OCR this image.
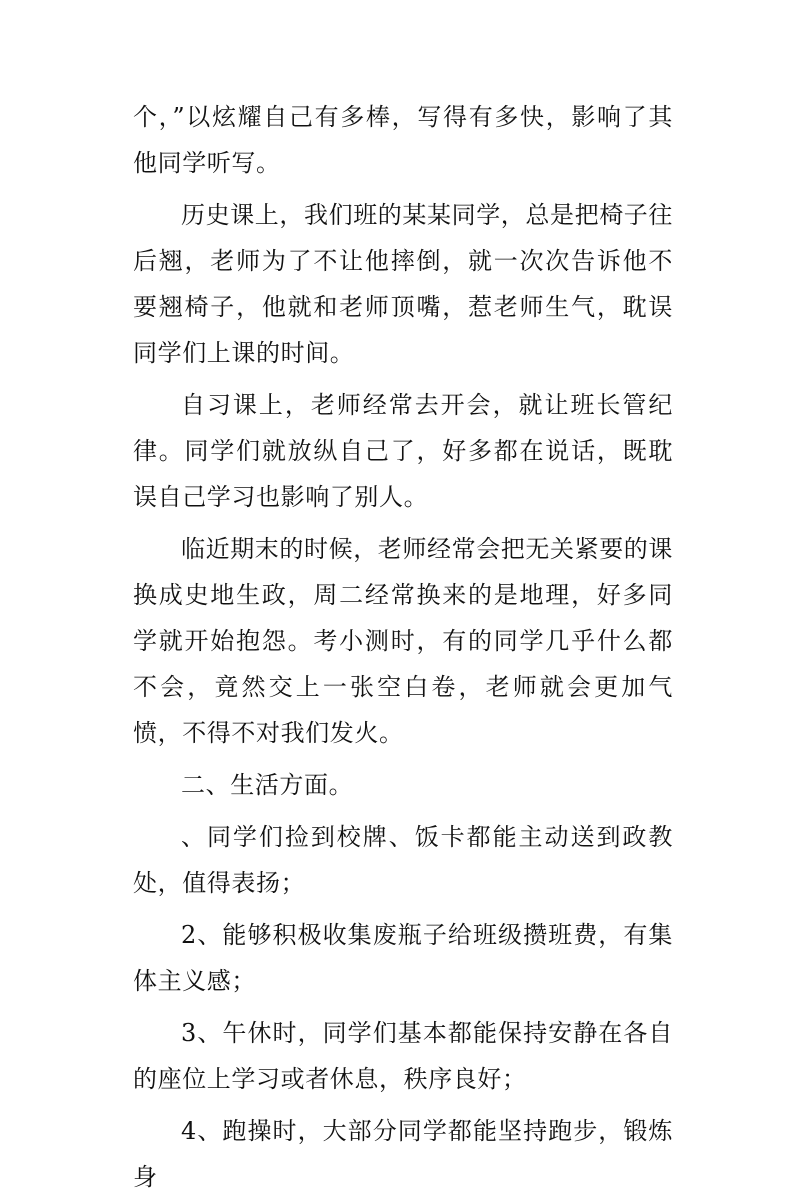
个，”以炫耀自己有多棒，写得有多快，影响了其他同学听写。

历史课上，我们班的某某同学，总是把椅子往后翘，老师为了不让他摔倒，就一次次告诉他不要翘椅子，他就和老师顶嘴，惹老师生气，耽误同学们上课的时间。

自习课上，老师经常去开会，就让班长管纪律。同学们就放纵自己了，好多都在说话，既耽误自己学习也影响了别人。

临近期末的时候，老师经常会把无关紧要的课换成史地生政，周二经常换来的是地理，好多同学就开始抱怨。考小测时，有的同学几乎什么都不会，竟然交上一张空白卷，老师就会更加气愤，不得不对我们发火。

二、生活方面。

、同学们捡到校牌、饭卡都能主动送到政教处，值得表扬；

2、能够积极收集废瓶子给班级攒班费，有集体主义感；

3、午休时，同学们基本都能保持安静在各自的座位上学习或者休息，秩序良好；

4、跑操时，大部分同学都能坚持跑步，锻炼身
